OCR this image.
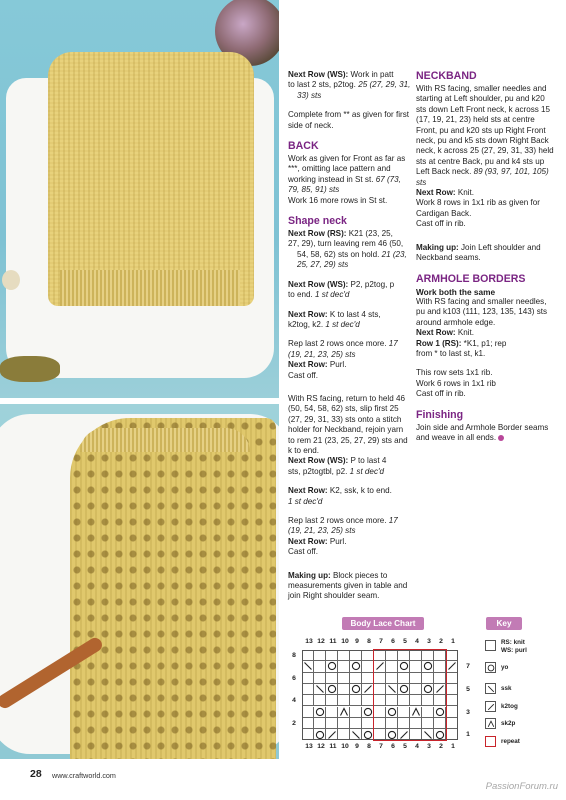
Next Row (WS): Work in patt

to last 2 sts, p2tog. 25 (27, 29, 31, 33) sts

Complete from ** as given for first side of neck.

BACK

Work as given for Front as far as ***, omitting lace pattern and working instead in St st. 67 (73, 79, 85, 91) sts

Work 16 more rows in St st.

Shape neck

Next Row (RS): K21 (23, 25,

27, 29), turn leaving rem 46 (50, 54, 58, 62) sts on hold. 21 (23, 25, 27, 29) sts

Next Row (WS): P2, p2tog, p

to end. 1 st dec'd

Next Row: K to last 4 sts,

k2tog, k2. 1 st dec'd

Rep last 2 rows once more. 17 (19, 21, 23, 25) sts

Next Row: Purl.

Cast off.

With RS facing, return to held 46 (50, 54, 58, 62) sts, slip first 25 (27, 29, 31, 33) sts onto a stitch holder for Neckband, rejoin yarn to rem 21 (23, 25, 27, 29) sts and k to end.

Next Row (WS): P to last 4

sts, p2togtbl, p2. 1 st dec'd

Next Row: K2, ssk, k to end.

1 st dec'd

Rep last 2 rows once more. 17 (19, 21, 23, 25) sts

Next Row: Purl.

Cast off.

Making up: Block pieces to measurements given in table and join Right shoulder seam.

NECKBAND

With RS facing, smaller needles and starting at Left shoulder, pu and k20 sts down Left Front neck, k across 15 (17, 19, 21, 23) held sts at centre Front, pu and k20 sts up Right Front neck, pu and k5 sts down Right Back neck, k across 25 (27, 29, 31, 33) held sts at centre Back, pu and k4 sts up Left Back neck. 89 (93, 97, 101, 105) sts

Next Row: Knit.

Work 8 rows in 1x1 rib as given for Cardigan Back.

Cast off in rib.

Making up: Join Left shoulder and Neckband seams.

ARMHOLE BORDERS
Work both the same

With RS facing and smaller needles, pu and k103 (111, 123, 135, 143) sts around armhole edge.

Next Row: Knit.

Row 1 (RS): *K1, p1; rep

from * to last st, k1.

This row sets 1x1 rib.

Work 6 rows in 1x1 rib

Cast off in rib.

Finishing

Join side and Armhole Border seams and weave in all ends.

Body Lace Chart	Key
13
13
12
12
11
11
10
10
9
9
8
8
7
7
6
6
5
5
4
4
3
3
2
2
1
1
8
7
6
5
4
3
2
1
RS: knit
WS: purl
yo
ssk
k2tog
sk2p
repeat
28 www.craftworld.com
PassionForum.ru
